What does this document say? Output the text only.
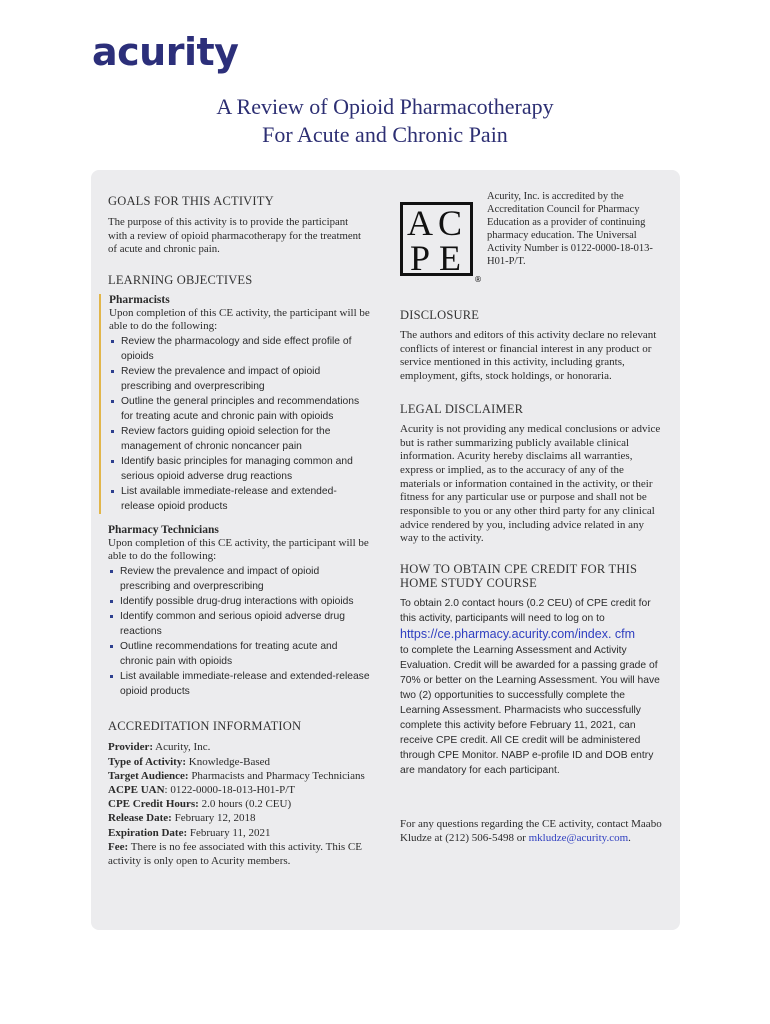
acurity
A Review of Opioid Pharmacotherapy
For Acute and Chronic Pain
GOALS FOR THIS ACTIVITY
The purpose of this activity is to provide the participant with a review of opioid pharmacotherapy for the treatment of acute and chronic pain.
LEARNING OBJECTIVES
Pharmacists
Upon completion of this CE activity, the participant will be able to do the following:
Review the pharmacology and side effect profile of opioids
Review the prevalence and impact of opioid prescribing and overprescribing
Outline the general principles and recommendations for treating acute and chronic pain with opioids
Review factors guiding opioid selection for the management of chronic noncancer pain
Identify basic principles for managing common and serious opioid adverse drug reactions
List available immediate-release and extended-release opioid products
Pharmacy Technicians
Upon completion of this CE activity, the participant will be able to do the following:
Review the prevalence and impact of opioid prescribing and overprescribing
Identify possible drug-drug interactions with opioids
Identify common and serious opioid adverse drug reactions
Outline recommendations for treating acute and chronic pain with opioids
List available immediate-release and extended-release opioid products
ACCREDITATION INFORMATION

Provider: Acurity, Inc.

Type of Activity: Knowledge-Based

Target Audience: Pharmacists and Pharmacy Technicians

ACPE UAN: 0122-0000-18-013-H01-P/T

CPE Credit Hours: 2.0 hours (0.2 CEU)

Release Date: February 12, 2018

Expiration Date: February 11, 2021

Fee: There is no fee associated with this activity. This CE activity is only open to Acurity members.

A C
P E
®
Acurity, Inc. is accredited by the Accreditation Council for Pharmacy Education as a provider of continuing pharmacy education. The Universal Activity Number is 0122-0000-18-013-H01-P/T.
DISCLOSURE
The authors and editors of this activity declare no relevant conflicts of interest or financial interest in any product or service mentioned in this activity, including grants, employment, gifts, stock holdings, or honoraria.
LEGAL DISCLAIMER
Acurity is not providing any medical conclusions or advice but is rather summarizing publicly available clinical information. Acurity hereby disclaims all warranties, express or implied, as to the accuracy of any of the materials or information contained in the activity, or their fitness for any particular use or purpose and shall not be responsible to you or any other third party for any clinical advice rendered by you, including advice related in any way to the activity.
HOW TO OBTAIN CPE CREDIT FOR THIS HOME STUDY COURSE
To obtain 2.0 contact hours (0.2 CEU) of CPE credit for this activity, participants will need to log on to
https://ce.pharmacy.acurity.com/index. cfm
to complete the Learning Assessment and Activity Evaluation. Credit will be awarded for a passing grade of 70% or better on the Learning Assessment. You will have two (2) opportunities to successfully complete the Learning Assessment. Pharmacists who successfully complete this activity before February 11, 2021, can receive CPE credit. All CE credit will be administered through CPE Monitor. NABP e-profile ID and DOB entry are mandatory for each participant.
For any questions regarding the CE activity, contact Maabo Kludze at (212) 506-5498 or mkludze@acurity.com.
